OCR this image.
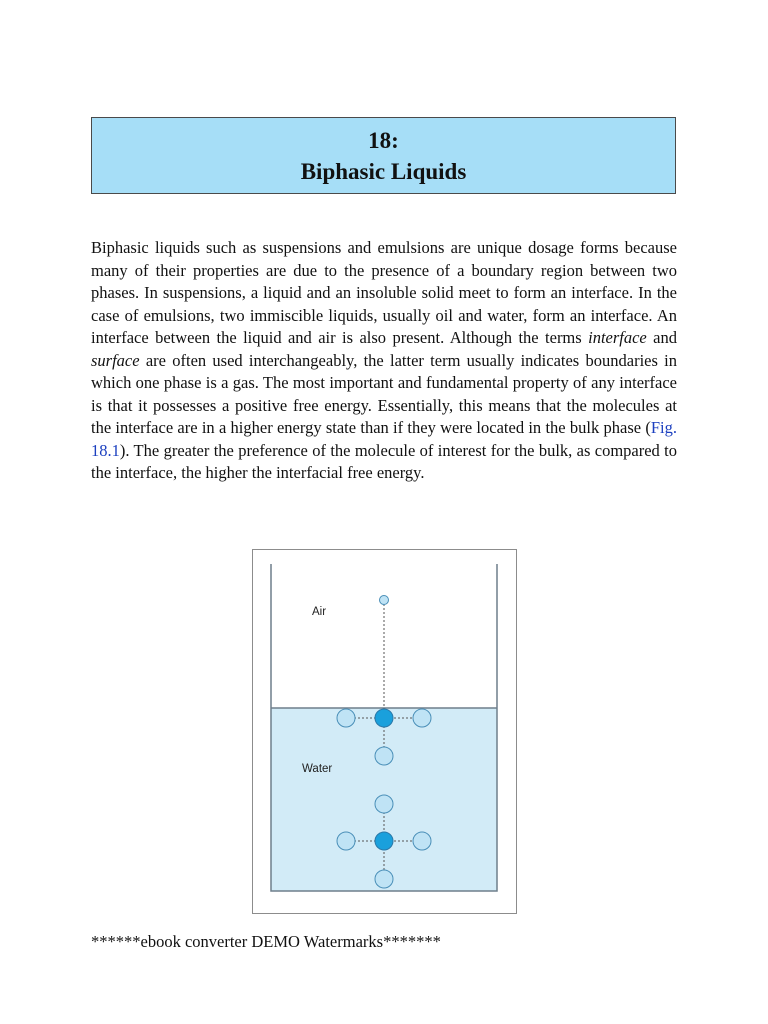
18:
Biphasic Liquids

Biphasic liquids such as suspensions and emulsions are unique dosage forms because many of their properties are due to the presence of a boundary region between two phases. In suspensions, a liquid and an insoluble solid meet to form an interface. In the case of emulsions, two immiscible liquids, usually oil and water, form an interface. An interface between the liquid and air is also present. Although the terms interface and surface are often used interchangeably, the latter term usually indicates boundaries in which one phase is a gas. The most important and fundamental property of any interface is that it possesses a positive free energy. Essentially, this means that the molecules at the interface are in a higher energy state than if they were located in the bulk phase (Fig. 18.1). The greater the preference of the molecule of interest for the bulk, as compared to the interface, the higher the interfacial free energy.

Air
Water
******ebook converter DEMO Watermarks*******
